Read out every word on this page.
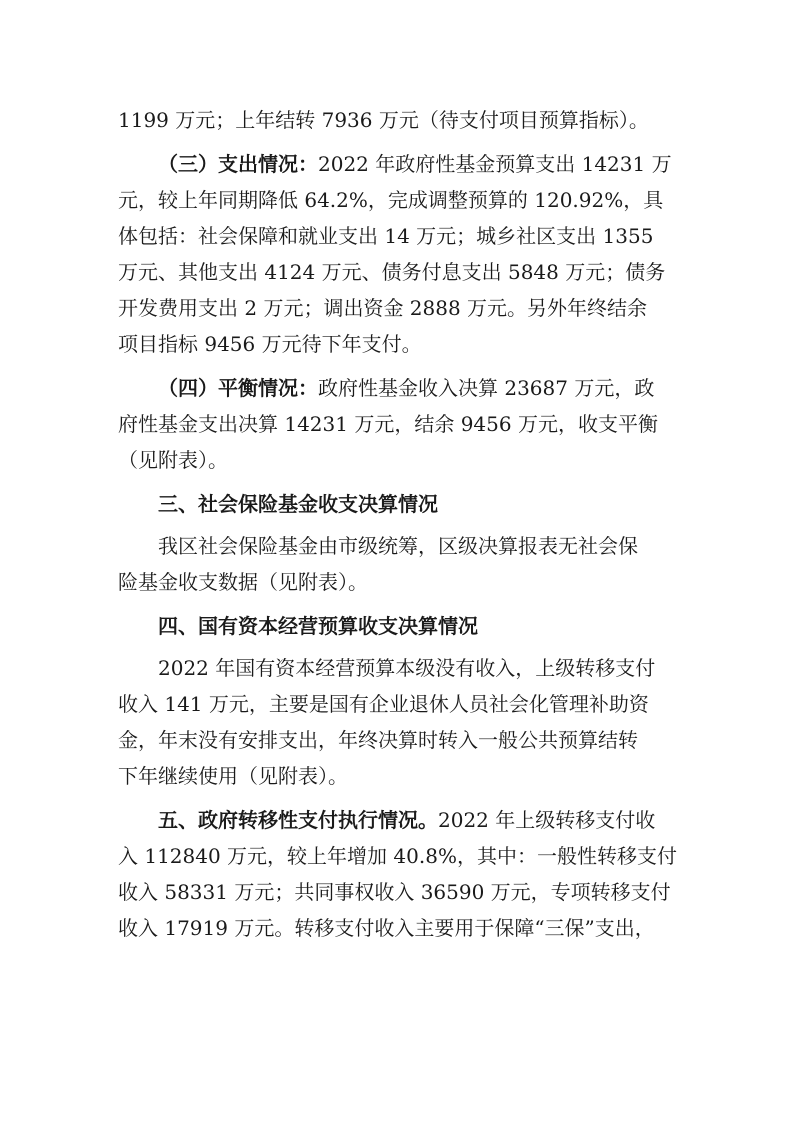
1199 万元；上年结转 7936 万元（待支付项目预算指标）。
（三）支出情况：2022 年政府性基金预算支出 14231 万
元，较上年同期降低 64.2%，完成调整预算的 120.92%，具
体包括：社会保障和就业支出 14 万元；城乡社区支出 1355
万元、其他支出 4124 万元、债务付息支出 5848 万元；债务
开发费用支出 2 万元；调出资金 2888 万元。另外年终结余
项目指标 9456 万元待下年支付。
（四）平衡情况：政府性基金收入决算 23687 万元，政
府性基金支出决算 14231 万元，结余 9456 万元，收支平衡
（见附表）。
三、社会保险基金收支决算情况
我区社会保险基金由市级统筹，区级决算报表无社会保
险基金收支数据（见附表）。
四、国有资本经营预算收支决算情况
2022 年国有资本经营预算本级没有收入，上级转移支付
收入 141 万元，主要是国有企业退休人员社会化管理补助资
金，年末没有安排支出，年终决算时转入一般公共预算结转
下年继续使用（见附表）。
五、政府转移性支付执行情况。2022 年上级转移支付收
入 112840 万元，较上年增加 40.8%，其中：一般性转移支付
收入 58331 万元；共同事权收入 36590 万元，专项转移支付
收入 17919 万元。转移支付收入主要用于保障“三保”支出，
